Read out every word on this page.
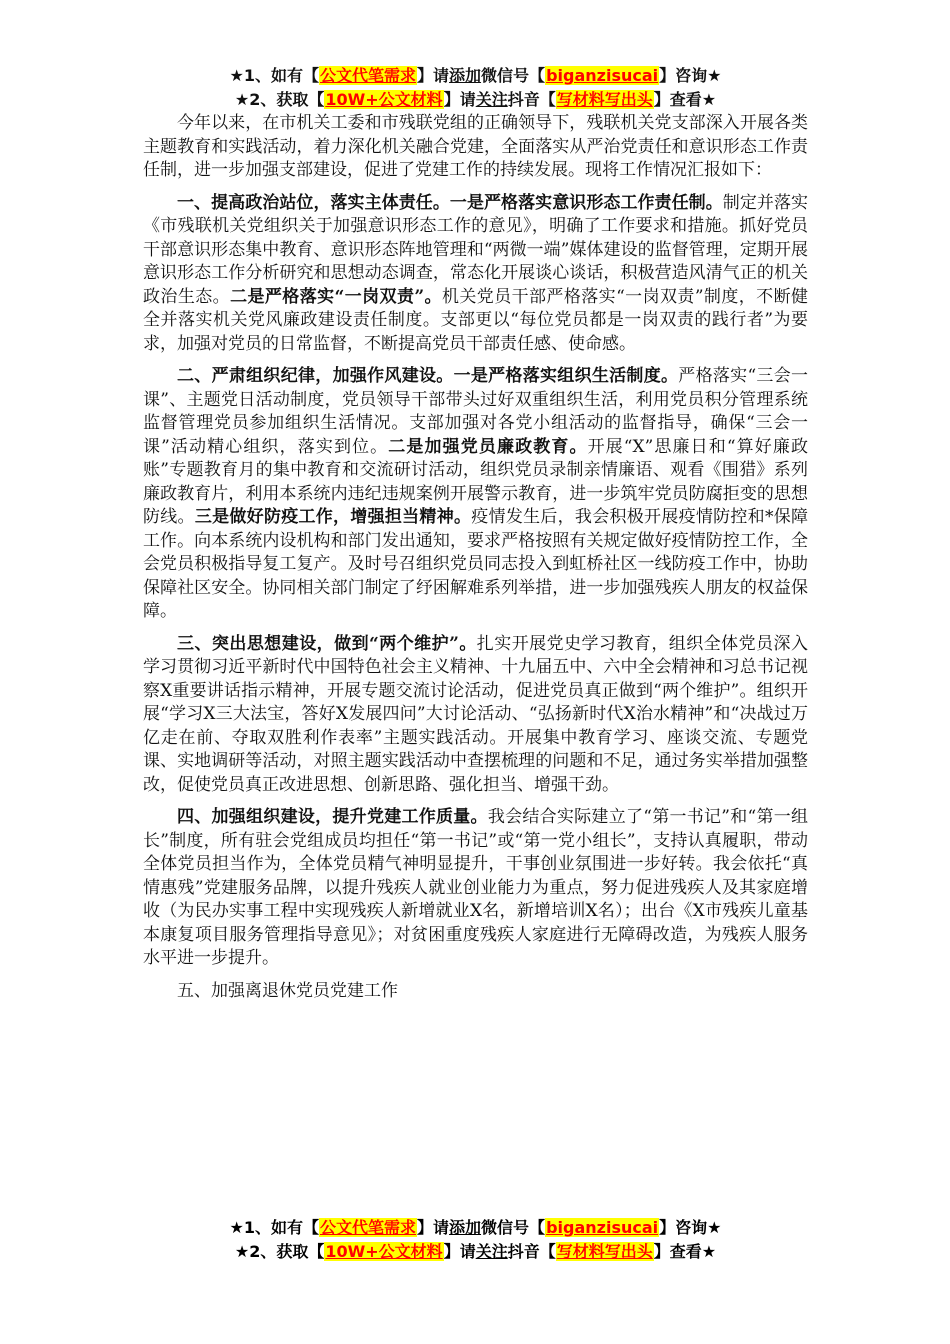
★1、如有【公文代笔需求】请添加微信号【biganzisucai】咨询★
★2、获取【10W+公文材料】请关注抖音【写材料写出头】查看★

今年以来，在市机关工委和市残联党组的正确领导下，残联机关党支部深入开展各类主题教育和实践活动，着力深化机关融合党建，全面落实从严治党责任和意识形态工作责任制，进一步加强支部建设，促进了党建工作的持续发展。现将工作情况汇报如下：

一、提高政治站位，落实主体责任。一是严格落实意识形态工作责任制。制定并落实《市残联机关党组织关于加强意识形态工作的意见》，明确了工作要求和措施。抓好党员干部意识形态集中教育、意识形态阵地管理和“两微一端”媒体建设的监督管理，定期开展意识形态工作分析研究和思想动态调查，常态化开展谈心谈话，积极营造风清气正的机关政治生态。二是严格落实“一岗双责”。机关党员干部严格落实“一岗双责”制度，不断健全并落实机关党风廉政建设责任制度。支部更以“每位党员都是一岗双责的践行者”为要求，加强对党员的日常监督，不断提高党员干部责任感、使命感。

二、严肃组织纪律，加强作风建设。一是严格落实组织生活制度。严格落实“三会一课”、主题党日活动制度，党员领导干部带头过好双重组织生活，利用党员积分管理系统监督管理党员参加组织生活情况。支部加强对各党小组活动的监督指导，确保“三会一课”活动精心组织，落实到位。二是加强党员廉政教育。开展“X”思廉日和“算好廉政账”专题教育月的集中教育和交流研讨活动，组织党员录制亲情廉语、观看《围猎》系列廉政教育片，利用本系统内违纪违规案例开展警示教育，进一步筑牢党员防腐拒变的思想防线。三是做好防疫工作，增强担当精神。疫情发生后，我会积极开展疫情防控和*保障工作。向本系统内设机构和部门发出通知，要求严格按照有关规定做好疫情防控工作，全会党员积极指导复工复产。及时号召组织党员同志投入到虹桥社区一线防疫工作中，协助保障社区安全。协同相关部门制定了纾困解难系列举措，进一步加强残疾人朋友的权益保障。

三、突出思想建设，做到“两个维护”。扎实开展党史学习教育，组织全体党员深入学习贯彻习近平新时代中国特色社会主义精神、十九届五中、六中全会精神和习总书记视察X重要讲话指示精神，开展专题交流讨论活动，促进党员真正做到“两个维护”。组织开展“学习X三大法宝，答好X发展四问”大讨论活动、“弘扬新时代X治水精神”和“决战过万亿走在前、夺取双胜利作表率”主题实践活动。开展集中教育学习、座谈交流、专题党课、实地调研等活动，对照主题实践活动中查摆梳理的问题和不足，通过务实举措加强整改，促使党员真正改进思想、创新思路、强化担当、增强干劲。

四、加强组织建设，提升党建工作质量。我会结合实际建立了“第一书记”和“第一组长”制度，所有驻会党组成员均担任“第一书记”或“第一党小组长”，支持认真履职，带动全体党员担当作为，全体党员精气神明显提升，干事创业氛围进一步好转。我会依托“真情惠残”党建服务品牌，以提升残疾人就业创业能力为重点，努力促进残疾人及其家庭增收（为民办实事工程中实现残疾人新增就业X名，新增培训X名）；出台《X市残疾儿童基本康复项目服务管理指导意见》；对贫困重度残疾人家庭进行无障碍改造，为残疾人服务水平进一步提升。

五、加强离退休党员党建工作

★1、如有【公文代笔需求】请添加微信号【biganzisucai】咨询★
★2、获取【10W+公文材料】请关注抖音【写材料写出头】查看★
